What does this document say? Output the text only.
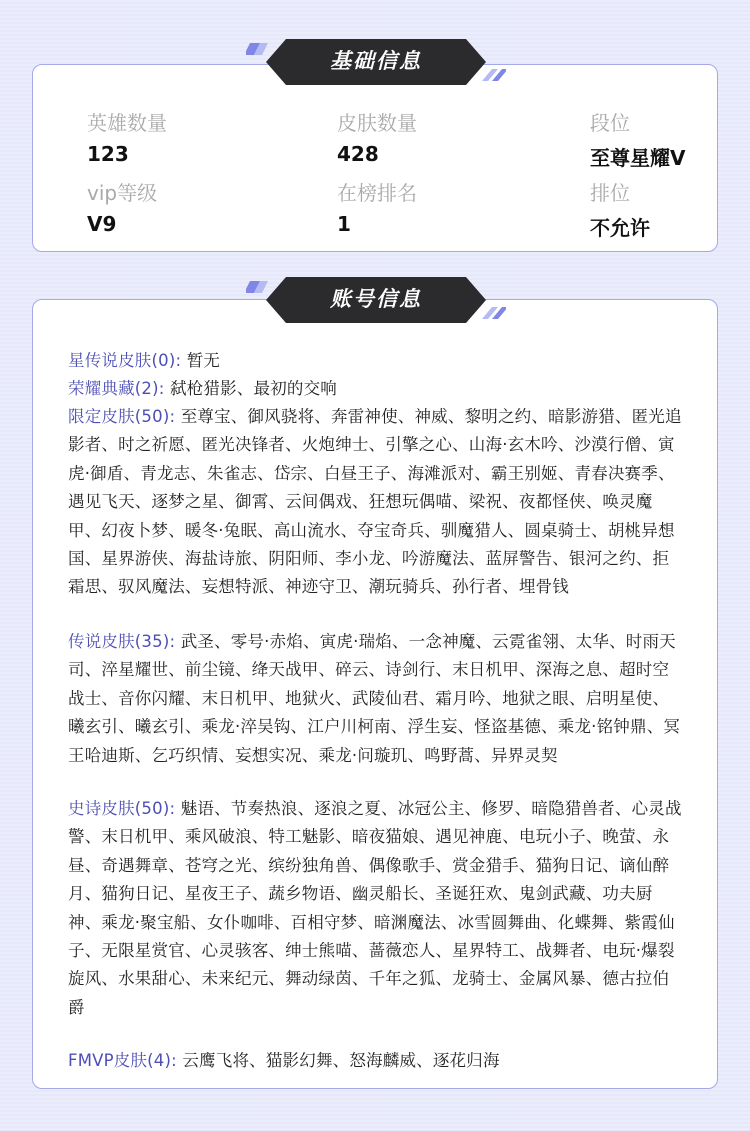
英雄数量
123
皮肤数量
428
段位
至尊星耀V
vip等级
V9
在榜排名
1
排位
不允许
基础信息
账号信息
星传说皮肤(0): 暂无
荣耀典藏(2): 弑枪猎影、最初的交响
限定皮肤(50): 至尊宝、御风骁将、奔雷神使、神威、黎明之约、暗影游猎、匿光追影者、时之祈愿、匿光决锋者、火炮绅士、引擎之心、山海·玄木吟、沙漠行僧、寅虎·御盾、青龙志、朱雀志、岱宗、白昼王子、海滩派对、霸王别姬、青春决赛季、遇见飞天、逐梦之星、御霄、云间偶戏、狂想玩偶喵、梁祝、夜都怪侠、唤灵魔甲、幻夜卜梦、暖冬·兔眠、高山流水、夺宝奇兵、驯魔猎人、圆桌骑士、胡桃异想国、星界游侠、海盐诗旅、阴阳师、李小龙、吟游魔法、蓝屏警告、银河之约、拒霜思、驭风魔法、妄想特派、神迹守卫、潮玩骑兵、孙行者、埋骨钱
传说皮肤(35): 武圣、零号·赤焰、寅虎·瑞焰、一念神魔、云霓雀翎、太华、时雨天司、淬星耀世、前尘镜、绛天战甲、碎云、诗剑行、末日机甲、深海之息、超时空战士、音你闪耀、末日机甲、地狱火、武陵仙君、霜月吟、地狱之眼、启明星使、曦玄引、曦玄引、乘龙·淬吴钩、江户川柯南、浮生妄、怪盗基德、乘龙·铭钟鼎、冥王哈迪斯、乞巧织情、妄想实况、乘龙·问璇玑、鸣野蒿、异界灵契
史诗皮肤(50): 魅语、节奏热浪、逐浪之夏、冰冠公主、修罗、暗隐猎兽者、心灵战警、末日机甲、乘风破浪、特工魅影、暗夜猫娘、遇见神鹿、电玩小子、晚萤、永昼、奇遇舞章、苍穹之光、缤纷独角兽、偶像歌手、赏金猎手、猫狗日记、谪仙醉月、猫狗日记、星夜王子、蔬乡物语、幽灵船长、圣诞狂欢、鬼剑武藏、功夫厨神、乘龙·聚宝船、女仆咖啡、百相守梦、暗渊魔法、冰雪圆舞曲、化蝶舞、紫霞仙子、无限星赏官、心灵骇客、绅士熊喵、蔷薇恋人、星界特工、战舞者、电玩·爆裂旋风、水果甜心、未来纪元、舞动绿茵、千年之狐、龙骑士、金属风暴、德古拉伯爵
FMVP皮肤(4): 云鹰飞将、猫影幻舞、怒海麟威、逐花归海
